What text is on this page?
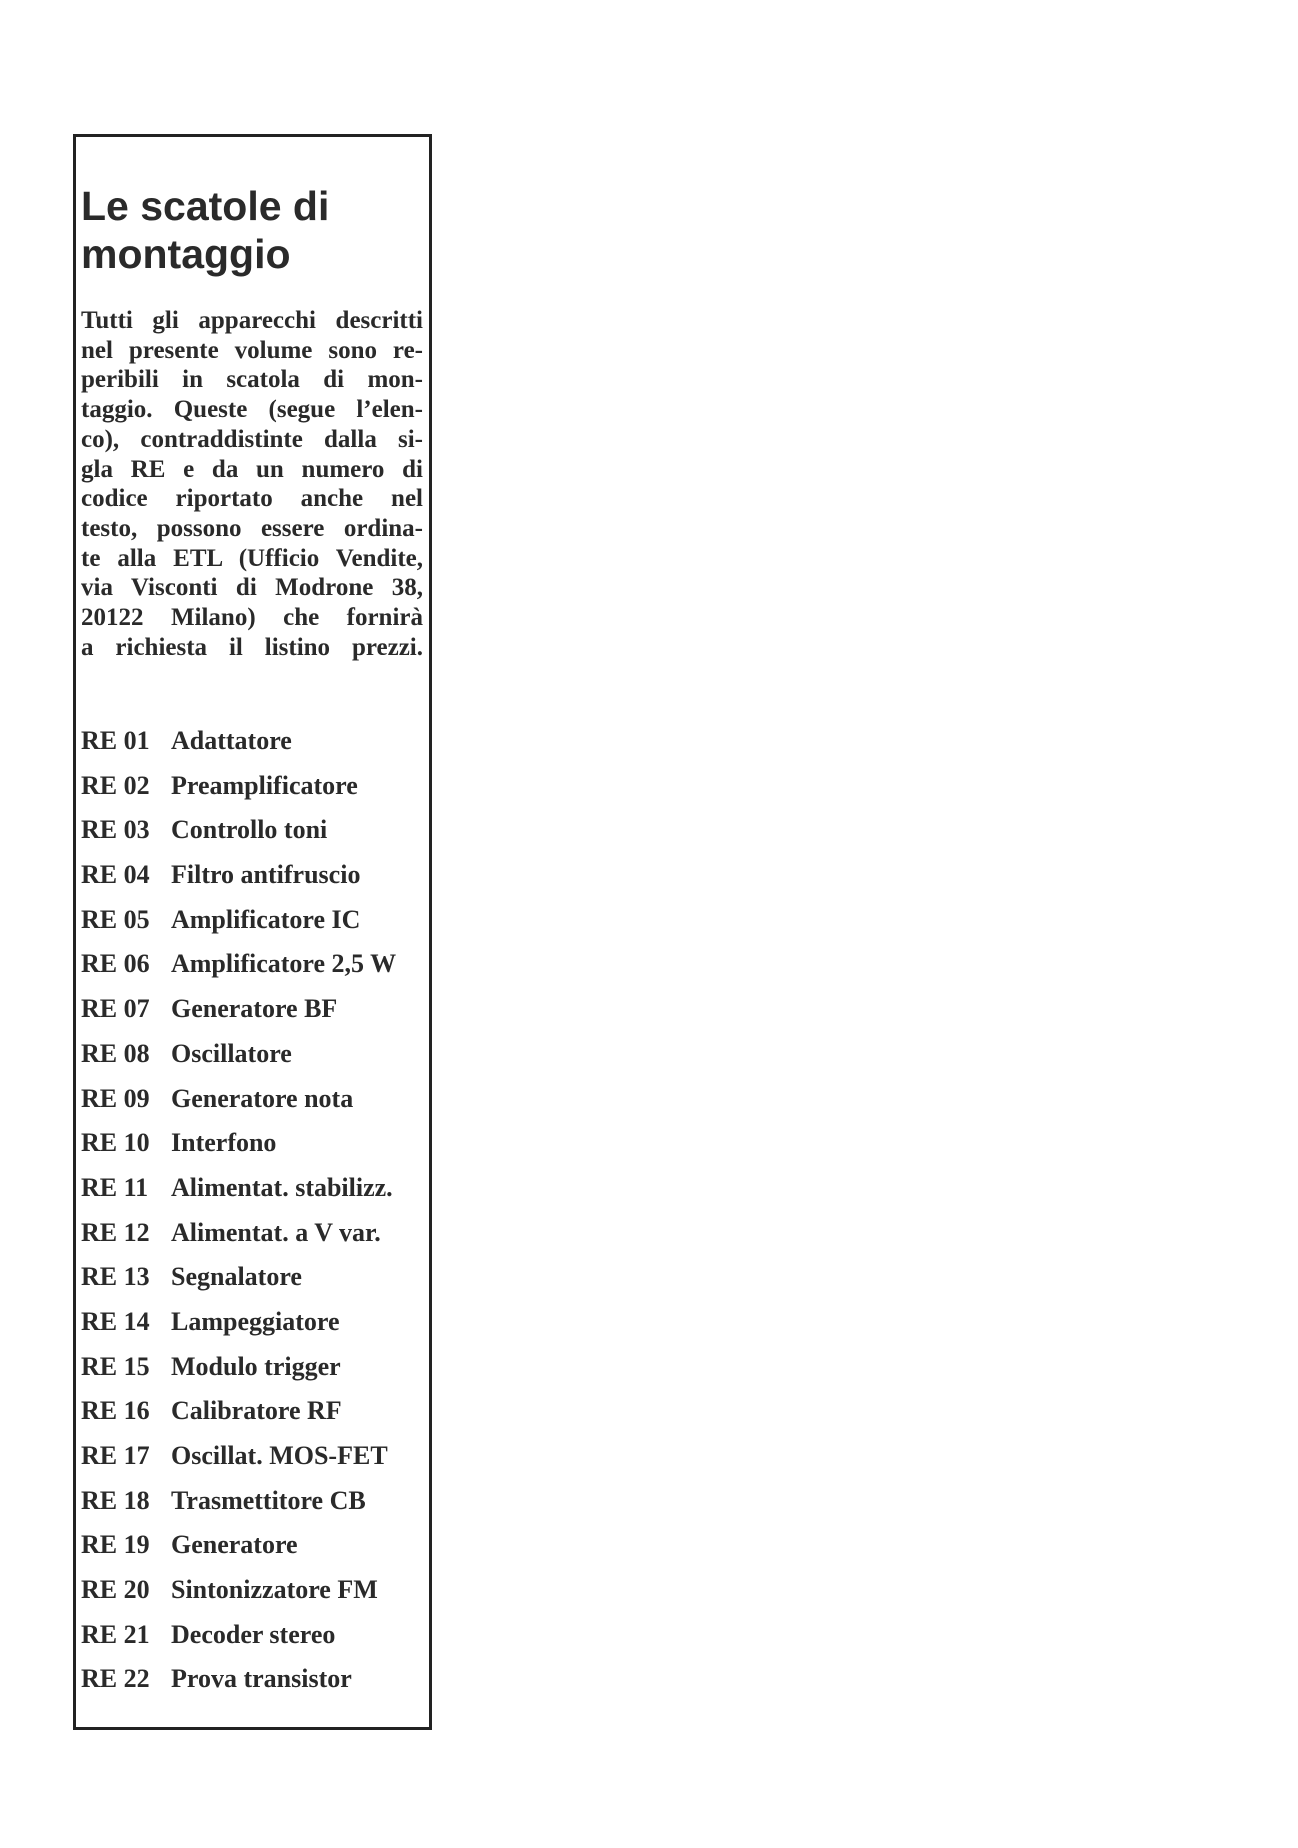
Le scatole di
montaggio

Tutti gli apparecchi descritti
nel presente volume sono re-
peribili in scatola di mon-
taggio. Queste (segue l’elen-
co), contraddistinte dalla si-
gla RE e da un numero di
codice riportato anche nel
testo, possono essere ordina-
te alla ETL (Ufficio Vendite,
via Visconti di Modrone 38,
20122 Milano) che fornirà
a richiesta il listino prezzi.

RE 01 Adattatore
RE 02 Preamplificatore
RE 03 Controllo toni
RE 04 Filtro antifruscio
RE 05 Amplificatore IC
RE 06 Amplificatore 2,5 W
RE 07 Generatore BF
RE 08 Oscillatore
RE 09 Generatore nota
RE 10 Interfono
RE 11 Alimentat. stabilizz.
RE 12 Alimentat. a V var.
RE 13 Segnalatore
RE 14 Lampeggiatore
RE 15 Modulo trigger
RE 16 Calibratore RF
RE 17 Oscillat. MOS-FET
RE 18 Trasmettitore CB
RE 19 Generatore
RE 20 Sintonizzatore FM
RE 21 Decoder stereo
RE 22 Prova transistor
